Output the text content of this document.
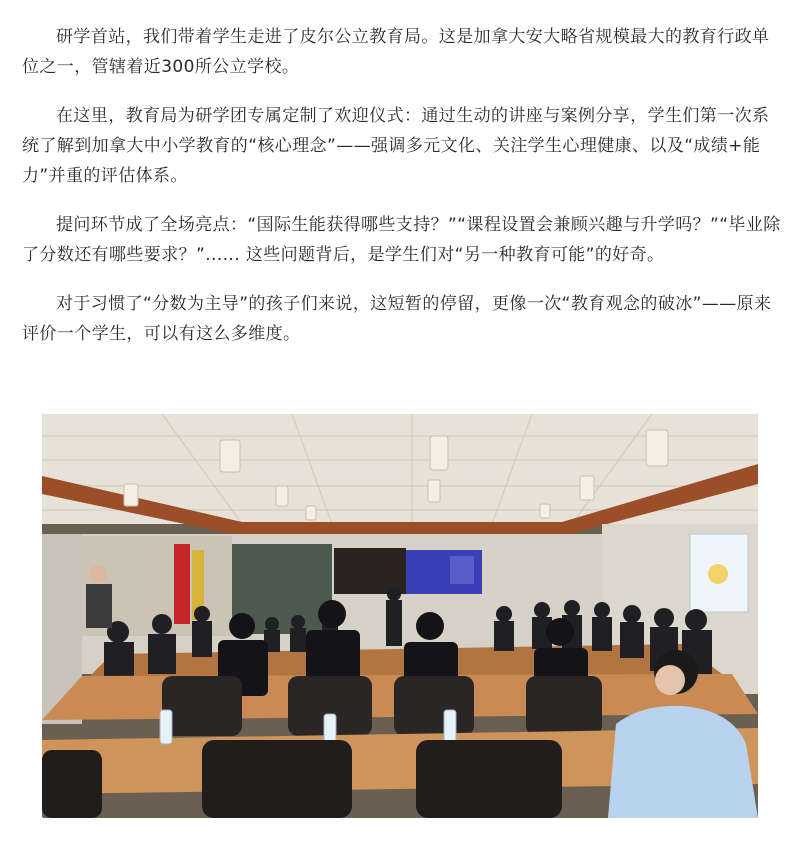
研学首站，我们带着学生走进了皮尔公立教育局。这是加拿大安大略省规模最大的教育行政单位之一，管辖着近300所公立学校。

在这里，教育局为研学团专属定制了欢迎仪式：通过生动的讲座与案例分享，学生们第一次系统了解到加拿大中小学教育的“核心理念”——强调多元文化、关注学生心理健康、以及“成绩+能力”并重的评估体系。

提问环节成了全场亮点：“国际生能获得哪些支持？”“课程设置会兼顾兴趣与升学吗？”“毕业除了分数还有哪些要求？”...... 这些问题背后，是学生们对“另一种教育可能”的好奇。

对于习惯了“分数为主导”的孩子们来说，这短暂的停留，更像一次“教育观念的破冰”——原来评价一个学生，可以有这么多维度。
